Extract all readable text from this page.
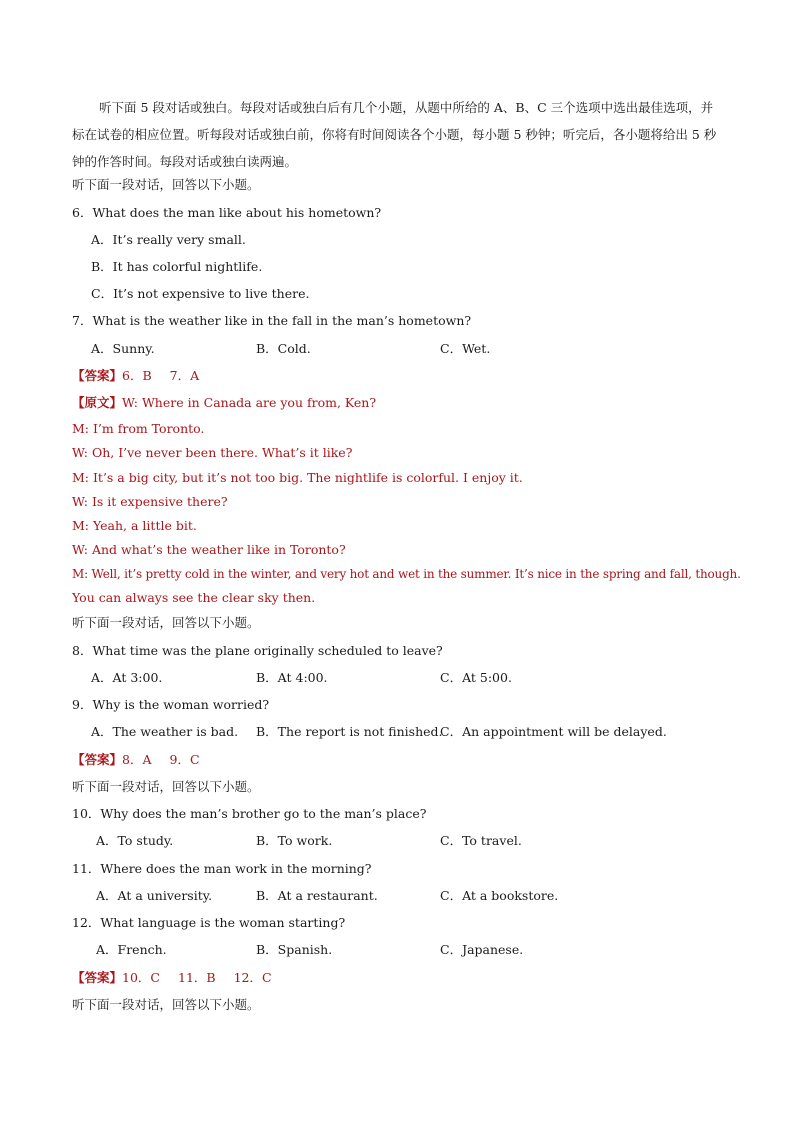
听下面 5 段对话或独白。每段对话或独白后有几个小题，从题中所给的 A、B、C 三个选项中选出最佳选项，并标在试卷的相应位置。听每段对话或独白前，你将有时间阅读各个小题，每小题 5 秒钟；听完后，各小题将给出 5 秒钟的作答时间。每段对话或独白读两遍。
听下面一段对话，回答以下小题。
6．What does the man like about his hometown?
A．It’s really very small.
B．It has colorful nightlife.
C．It’s not expensive to live there.
7．What is the weather like in the fall in the man’s hometown?
A．Sunny.	B．Cold.	C．Wet.
【答案】6．B 7．A
【原文】W: Where in Canada are you from, Ken?
M: I’m from Toronto.
W: Oh, I’ve never been there. What’s it like?
M: It’s a big city, but it’s not too big. The nightlife is colorful. I enjoy it.
W: Is it expensive there?
M: Yeah, a little bit.
W: And what’s the weather like in Toronto?
M: Well, it’s pretty cold in the winter, and very hot and wet in the summer. It’s nice in the spring and fall, though.
You can always see the clear sky then.
听下面一段对话，回答以下小题。
8．What time was the plane originally scheduled to leave?
A．At 3:00.	B．At 4:00.	C．At 5:00.
9．Why is the woman worried?
A．The weather is bad. B．The report is not finished.
C．An appointment will be delayed.
【答案】8．A 9．C
听下面一段对话，回答以下小题。
10．Why does the man’s brother go to the man’s place?
A．To study.	B．To work.	C．To travel.
11．Where does the man work in the morning?
A．At a university.	B．At a restaurant.	C．At a bookstore.
12．What language is the woman starting?
A．French.	B．Spanish.	C．Japanese.
【答案】10．C 11．B 12．C
听下面一段对话，回答以下小题。
